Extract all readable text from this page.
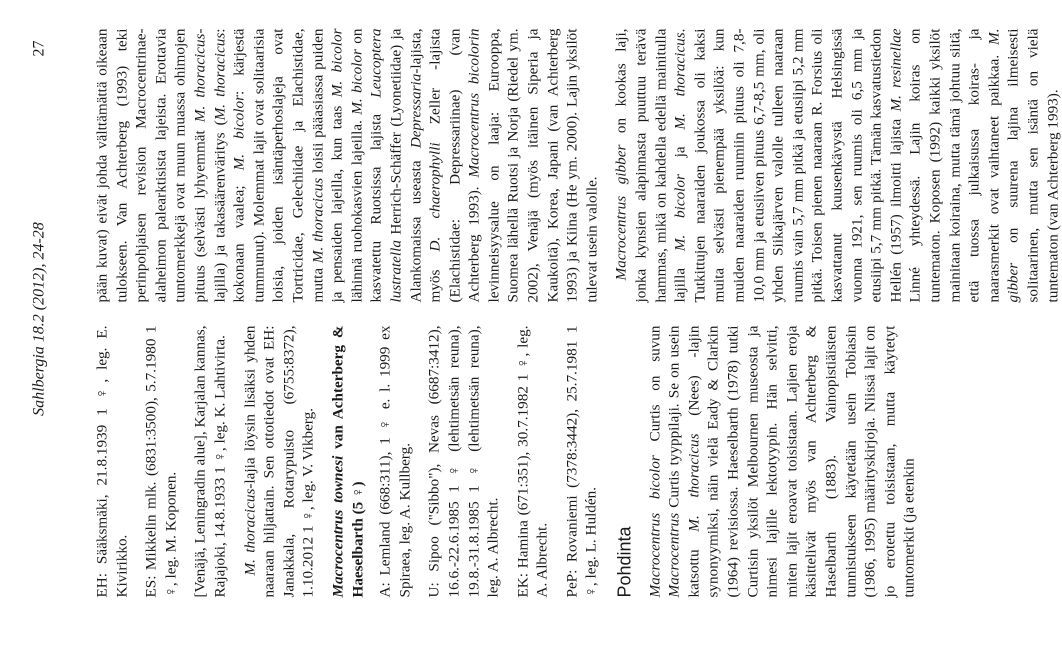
Sahlbergia 18.2 (2012), 24-28
27

EH: Sääksmäki, 21.8.1939 1 ♀, leg. E. Kivirikko. ES: Mikkelin mlk. (6831:3500), 5.7.1980 1 ♀, leg. M. Koponen. [Venäjä, Leningradin alue], Karjalan kannas, Rajajoki, 14.8.1933 1 ♀, leg. K. Lahtivirta. M. thoracicus-lajia löysin lisäksi yhden naaraan hiljattain. Sen ottotiedot ovat EH: Janakkala, Rotarypuisto (6755:8372), 1.10.2012 1 ♀, leg. V. Vikberg. Macrocentrus townesi van Achterberg & Haeselbarth (5 ♀) A: Lemland (668:311), 1 ♀ e. l. 1999 ex Spiraea, leg. A. Kullberg. U: Sipoo ("Sibbo"), Nevas (6687:3412), 16.6.-22.6.1985 1 ♀ (lehtimetsän reuna), 19.8.-31.8.1985 1 ♀ (lehtimetsän reuna), leg. A. Albrecht. EK: Hamina (671:351), 30.7.1982 1 ♀, leg. A. Albrecht. PeP: Rovaniemi (7378:3442), 25.7.1981 1 ♀, leg. L. Huldén. Pohdinta Macrocentrus bicolor Curtis on suvun Macrocentrus Curtis tyyppilaji. Se on usein katsottu M. thoracicus (Nees) -lajin synonyymiksi, näin vielä Eady & Clarkin (1964) revisiossa. Haeselbarth (1978) tutki Curtisin yksilöt Melbournen museosta ja nimesi lajille lektotyypin. Hän selvitti, miten lajit eroavat toisistaan. Lajien eroja käsittelivät myös van Achterberg & Haselbarth (1883). Vainopistiäisten tunnistukseen käytetään usein Tobiasin (1986, 1995) määrityskirjoja. Niissä lajit on jo erotettu toisistaan, mutta käytetyt tuntomerkit (ja etenkin

pään kuvat) eivät johda välttämättä oikeaan tulokseen. Van Achterberg (1993) teki perinpohjaisen revision Macrocentrinae-alaheimon palearktisista lajeista. Erottavia tuntomerkkejä ovat muun muassa ohimojen pituus (selvästi lyhyemmät M. thoracicus-lajilla) ja takasäärenväritys (M. thoracicus: kokonaan vaalea; M. bicolor: kärjestä tummunut). Molemmat lajit ovat solitaarisia loisia, joiden isäntäperhoslajeja ovat Tortricidae, Gelechiidae ja Elachistidae, mutta M. thoracicus loisii pääasiassa puiden ja pensaiden lajeilla, kun taas M. bicolor lähinnä ruohokasvien lajeilla. M. bicolor on kasvatettu Ruotsissa lajista Leucoptera lustratella Herrich-Schäffer (Lyonetiidae) ja Alankomaissa useasta Depressaria-lajista, myös D. chaerophylli Zeller -lajista (Elachistidae: Depressariinae) (van Achterberg 1993). Macrocentrus bicolorin levinneisyysalue on laaja: Eurooppa, Suomea lähellä Ruotsi ja Norja (Riedel ym. 2002), Venäjä (myös itäinen Siperia ja Kaukoitä), Korea, Japani (van Achterberg 1993) ja Kiina (He ym. 2000). Lajin yksilöt tulevat usein valolle. Macrocentrus gibber on kookas laji, jonka kynsien alapinnasta puuttuu terävä hammas, mikä on kahdella edellä mainitulla lajilla M. bicolor ja M. thoracicus. Tutkittujen naaraiden joukossa oli kaksi muita selvästi pienempää yksilöä: kun muiden naaraiden ruumiin pituus oli 7,8-10,0 mm ja etusiiven pituus 6,7-8,5 mm, oli yhden Siikajärven valolle tulleen naaraan ruumis vain 5,7 mm pitkä ja etusiipi 5,2 mm pitkä. Toisen pienen naaraan R. Forsius oli kasvattanut kuusenkävystä Helsingissä vuonna 1921, sen ruumis oli 6,5 mm ja etusiipi 5,7 mm pitkä. Tämän kasvatustiedon Hellén (1957) ilmoitti lajista M. resinellae Linné yhteydessä. Lajin koiras on tuntematon. Koposen (1992) kaikki yksilöt mainitaan koiraina, mutta tämä johtuu siitä, että tuossa julkaisussa koiras- ja naarasmerkit ovat vaihtaneet paikkaa. M. gibber on suurena lajina ilmeisesti solitaarinen, mutta sen isäntä on vielä tuntematon (van Achterberg 1993).
